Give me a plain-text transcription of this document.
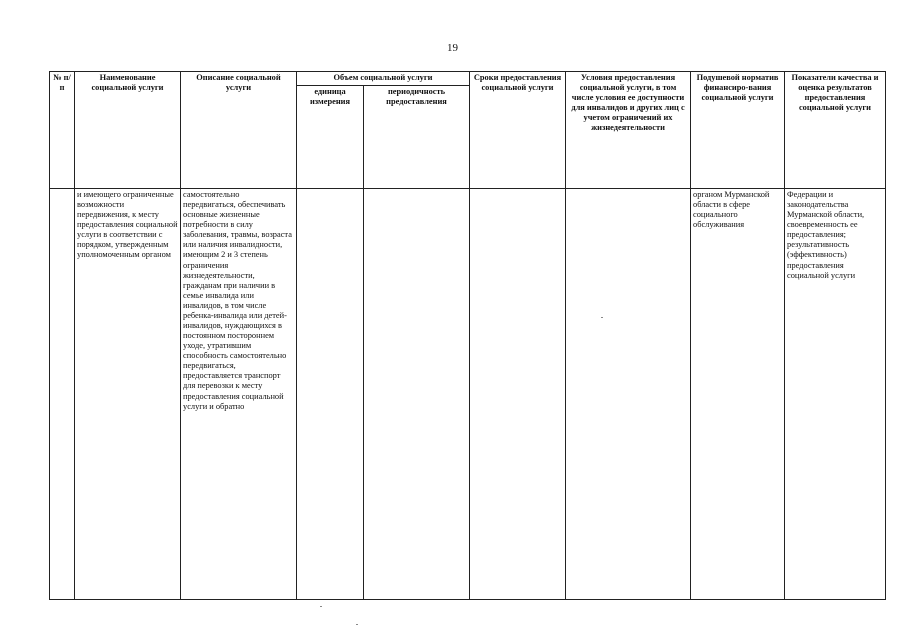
19
№ п/п	Наименование социальной услуги	Описание социальной услуги	Объем социальной услуги		Сроки предоставления социальной услуги	Условия предоставления социальной услуги, в том числе условия ее доступности для инвалидов и других лиц с учетом ограничений их жизнедеятельности	Подушевой норматив финансиро-вания социальной услуги	Показатели качества и оценка результатов предоставления социальной услуги
			единица измерения	периодичность предоставления				
	и имеющего ограниченные возможности передвижения, к месту предоставления социальной услуги в соответствии с порядком, утвержденным уполномоченным органом	самостоятельно передвигаться, обеспечивать основные жизненные потребности в силу заболевания, травмы, возраста или наличия инвалидности, имеющим 2 и 3 степень ограничения жизнедеятельности, гражданам при наличии в семье инвалида или инвалидов, в том числе ребенка-инвалида или детей-инвалидов, нуждающихся в постоянном постороннем уходе, утратившим способность самостоятельно передвигаться, предоставляется транспорт для перевозки к месту предоставления социальной услуги и обратно					органом Мурманской области в сфере социального обслуживания	Федерации и законодательства Мурманской области, своевременность ее предоставления; результативность (эффективность) предоставления социальной услуги
